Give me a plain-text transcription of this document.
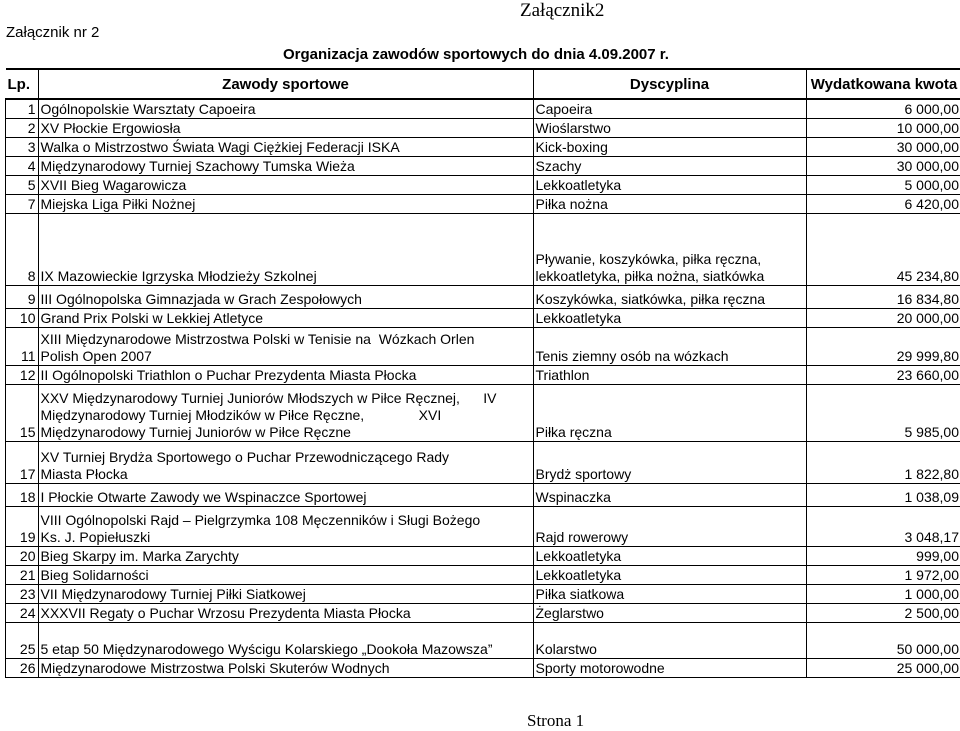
Załącznik2
Załącznik nr 2
Organizacja zawodów sportowych do dnia 4.09.2007 r.
Lp.	Zawody sportowe	Dyscyplina	Wydatkowana kwota
1	Ogólnopolskie Warsztaty Capoeira	Capoeira	6 000,00
2	XV Płockie Ergowiosła	Wioślarstwo	10 000,00
3	Walka o Mistrzostwo Świata Wagi Ciężkiej Federacji ISKA	Kick-boxing	30 000,00
4	Międzynarodowy Turniej Szachowy Tumska Wieża	Szachy	30 000,00
5	XVII Bieg Wagarowicza	Lekkoatletyka	5 000,00
7	Miejska Liga Piłki Nożnej	Piłka nożna	6 420,00
8	IX Mazowieckie Igrzyska Młodzieży Szkolnej	Pływanie, koszykówka, piłka ręczna,
lekkoatletyka, piłka nożna, siatkówka	45 234,80
9	III Ogólnopolska Gimnazjada w Grach Zespołowych	Koszykówka, siatkówka, piłka ręczna	16 834,80
10	Grand Prix Polski w Lekkiej Atletyce	Lekkoatletyka	20 000,00
11	XIII Międzynarodowe Mistrzostwa Polski w Tenisie na  Wózkach Orlen
Polish Open 2007	Tenis ziemny osób na wózkach	29 999,80
12	II Ogólnopolski Triathlon o Puchar Prezydenta Miasta Płocka	Triathlon	23 660,00
15	XXV Międzynarodowy Turniej Juniorów Młodszych w Piłce Ręcznej,      IV
Międzynarodowy Turniej Młodzików w Piłce Ręczne,              XVI
Międzynarodowy Turniej Juniorów w Piłce Ręczne	Piłka ręczna	5 985,00
17	XV Turniej Brydża Sportowego o Puchar Przewodniczącego Rady
Miasta Płocka	Brydż sportowy	1 822,80
18	I Płockie Otwarte Zawody we Wspinaczce Sportowej	Wspinaczka	1 038,09
19	VIII Ogólnopolski Rajd – Pielgrzymka 108 Męczenników i Sługi Bożego
Ks. J. Popiełuszki	Rajd rowerowy	3 048,17
20	Bieg Skarpy im. Marka Zarychty	Lekkoatletyka	999,00
21	Bieg Solidarności	Lekkoatletyka	1 972,00
23	VII Międzynarodowy Turniej Piłki Siatkowej	Piłka siatkowa	1 000,00
24	XXXVII Regaty o Puchar Wrzosu Prezydenta Miasta Płocka	Żeglarstwo	2 500,00
25	5 etap 50 Międzynarodowego Wyścigu Kolarskiego „Dookoła Mazowsza”	Kolarstwo	50 000,00
26	Międzynarodowe Mistrzostwa Polski Skuterów Wodnych	Sporty motorowodne	25 000,00
Strona 1
